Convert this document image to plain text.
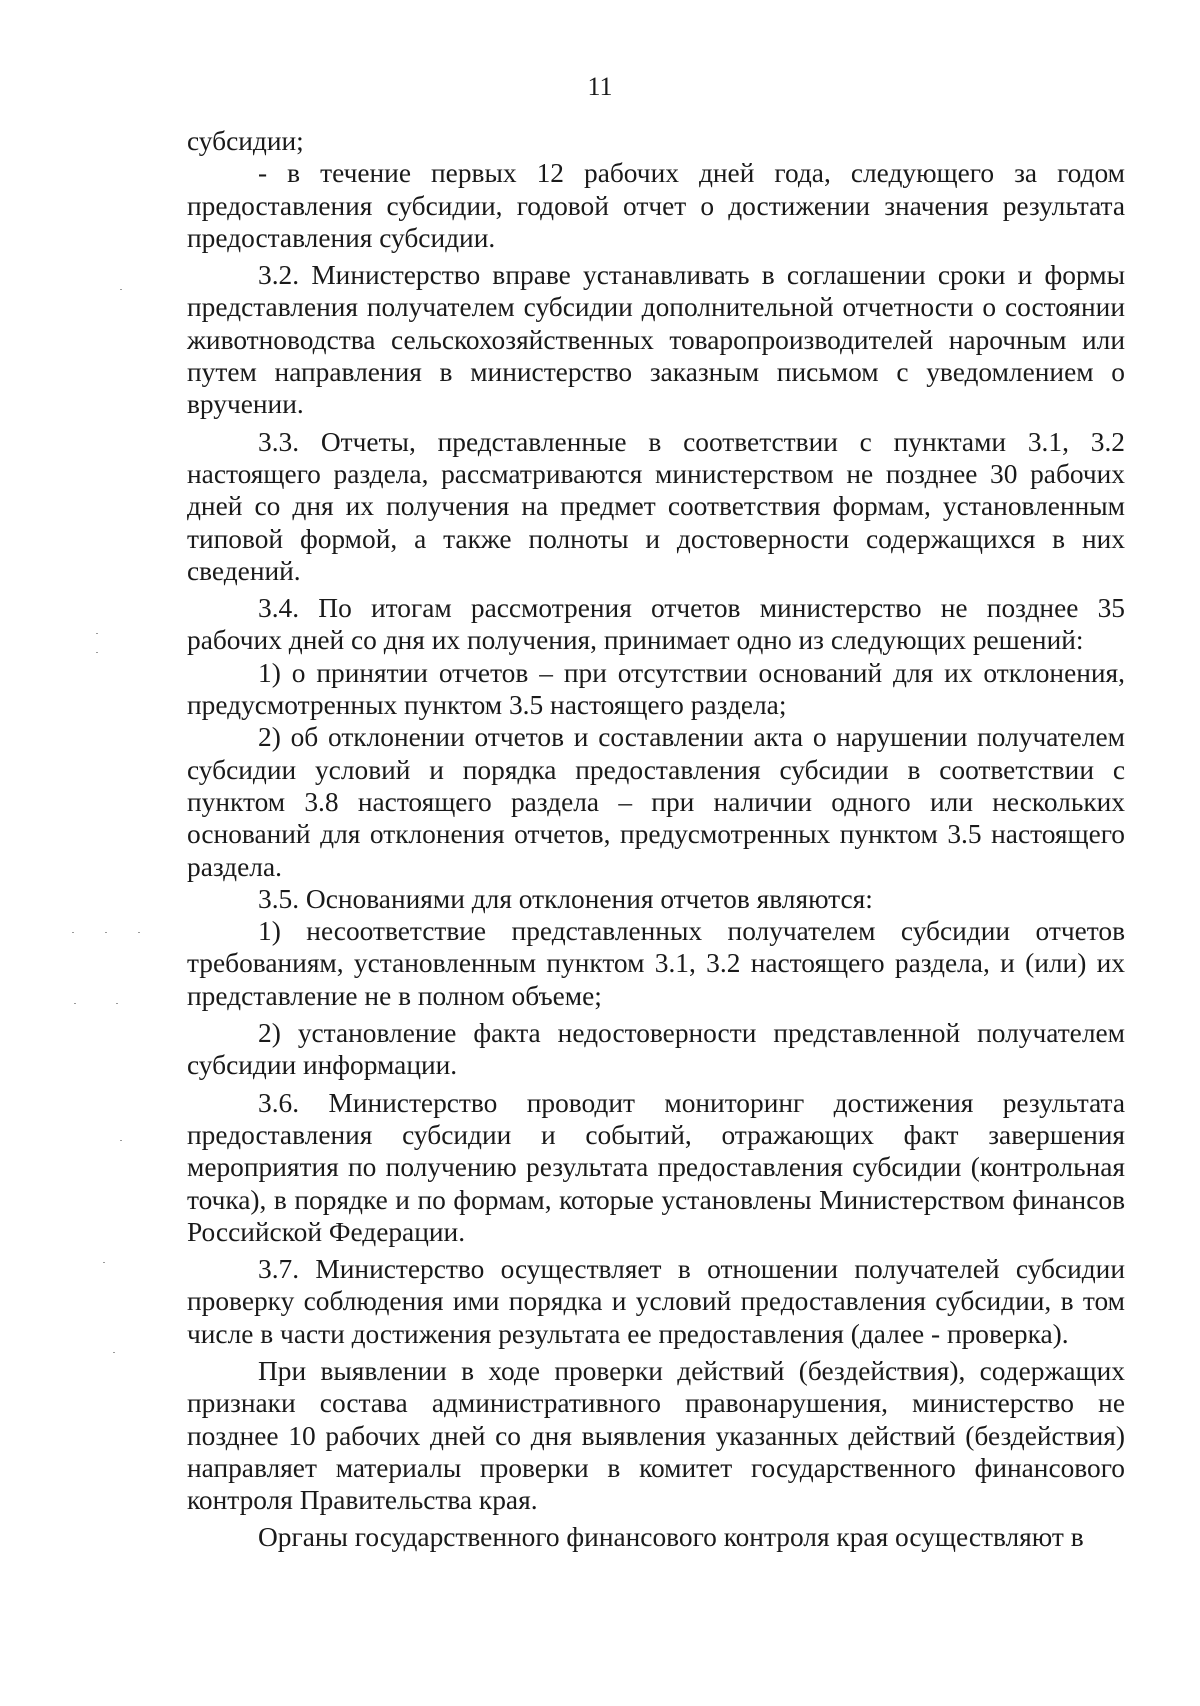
11

субсидии;

- в течение первых 12 рабочих дней года, следующего за годом предоставления субсидии, годовой отчет о достижении значения результата предоставления субсидии.

3.2. Министерство вправе устанавливать в соглашении сроки и формы представления получателем субсидии дополнительной отчетности о состоянии животноводства сельскохозяйственных товаропроизводителей нарочным или путем направления в министерство заказным письмом с уведомлением о вручении.

3.3. Отчеты, представленные в соответствии с пунктами 3.1, 3.2 настоящего раздела, рассматриваются министерством не позднее 30 рабочих дней со дня их получения на предмет соответствия формам, установленным типовой формой, а также полноты и достоверности содержащихся в них сведений.

3.4. По итогам рассмотрения отчетов министерство не позднее 35 рабочих дней со дня их получения, принимает одно из следующих решений:

1) о принятии отчетов – при отсутствии оснований для их отклонения, предусмотренных пунктом 3.5 настоящего раздела;

2) об отклонении отчетов и составлении акта о нарушении получателем субсидии условий и порядка предоставления субсидии в соответствии с пунктом 3.8 настоящего раздела – при наличии одного или нескольких оснований для отклонения отчетов, предусмотренных пунктом 3.5 настоящего раздела.

3.5. Основаниями для отклонения отчетов являются:

1) несоответствие представленных получателем субсидии отчетов требованиям, установленным пунктом 3.1, 3.2 настоящего раздела, и (или) их представление не в полном объеме;

2) установление факта недостоверности представленной получателем субсидии информации.

3.6. Министерство проводит мониторинг достижения результата предоставления субсидии и событий, отражающих факт завершения мероприятия по получению результата предоставления субсидии (контрольная точка), в порядке и по формам, которые установлены Министерством финансов Российской Федерации.

3.7. Министерство осуществляет в отношении получателей субсидии проверку соблюдения ими порядка и условий предоставления субсидии, в том числе в части достижения результата ее предоставления (далее - проверка).

При выявлении в ходе проверки действий (бездействия), содержащих признаки состава административного правонарушения, министерство не позднее 10 рабочих дней со дня выявления указанных действий (бездействия) направляет материалы проверки в комитет государственного финансового контроля Правительства края.

Органы государственного финансового контроля края осуществляют в
